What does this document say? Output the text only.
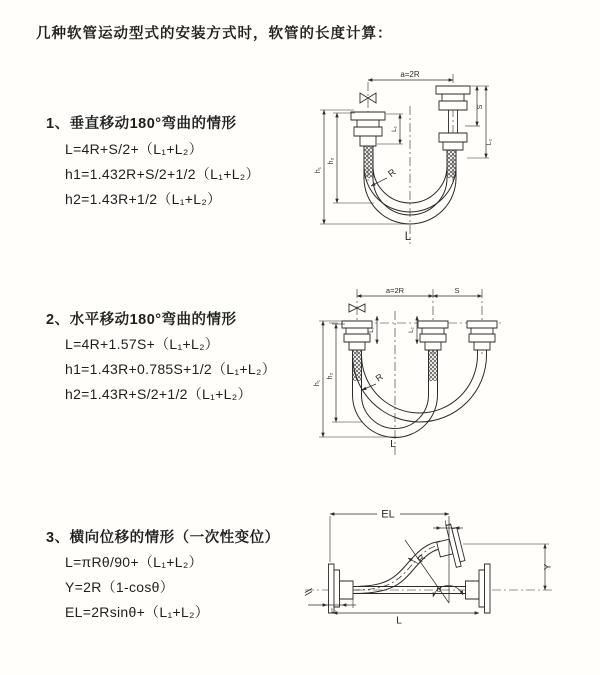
几种软管运动型式的安装方式时，软管的长度计算：
1、垂直移动180°弯曲的情形
L=4R+S/2+（L₁+L₂）
h1=1.432R+S/2+1/2（L₁+L₂）
h2=1.43R+1/2（L₁+L₂）
2、水平移动180°弯曲的情形
L=4R+1.57S+（L₁+L₂）
h1=1.43R+0.785S+1/2（L₁+L₂）
h2=1.43R+S/2+1/2（L₁+L₂）
3、横向位移的情形（一次性变位）
L=πRθ/90+（L₁+L₂）
Y=2R（1-cosθ）
EL=2Rsinθ+（L₁+L₂）
a=2R
h₁
h₂
L₁
S
L₂
R
L
a=2R	S
h₁
h₂
L₁	L₂
R
L
EL
L₂
Y
L
L₁
θ
R
